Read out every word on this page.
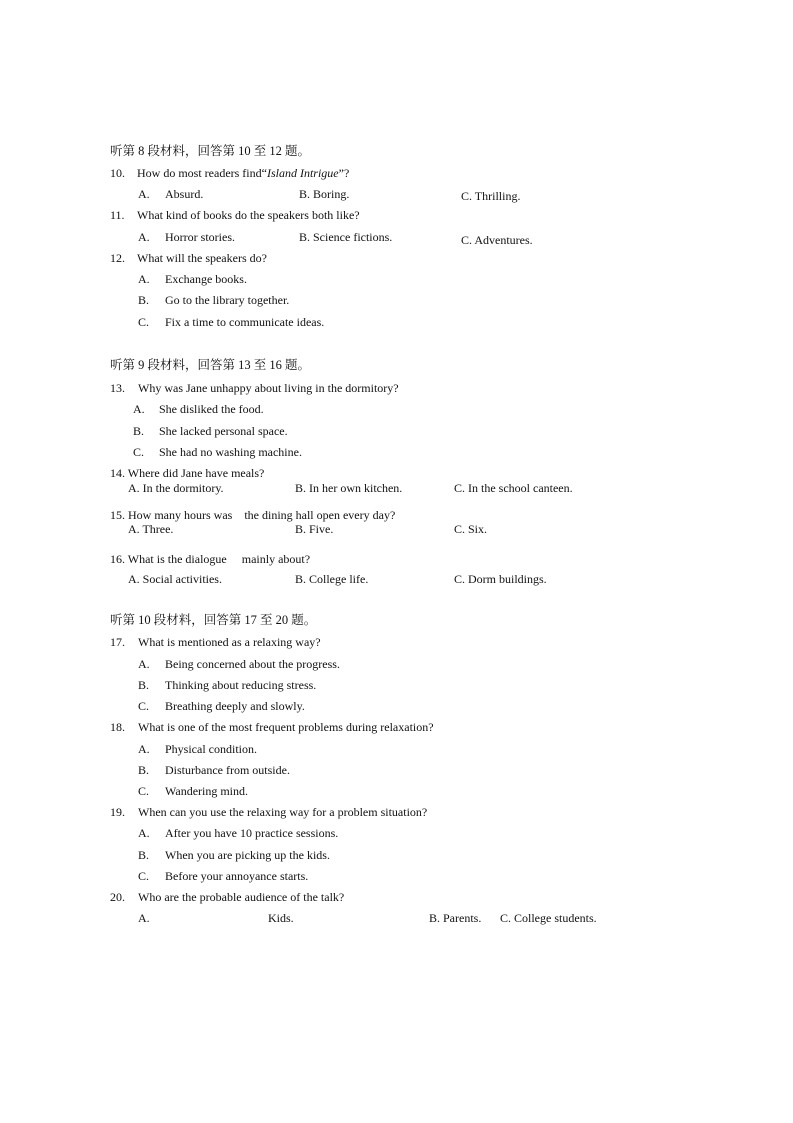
听第 8 段材料，回答第 10 至 12 题。
10. How do most readers find“Island Intrigue”?
A. Absurd.	B. Boring.	C. Thrilling.
11. What kind of books do the speakers both like?
A. Horror stories.	B. Science fictions.	C. Adventures.
12. What will the speakers do?
A. Exchange books.
B. Go to the library together.
C. Fix a time to communicate ideas.
听第 9 段材料，回答第 13 至 16 题。
13. Why was Jane unhappy about living in the dormitory?
A. She disliked the food.
B. She lacked personal space.
C. She had no washing machine.
14. Where did Jane have meals?
A. In the dormitory.	B. In her own kitchen.	C. In the school canteen.
15. How many hours was    the dining hall open every day?
A. Three.	B. Five.	C. Six.
16. What is the dialogue     mainly about?
A. Social activities.	B. College life.	C. Dorm buildings.
听第 10 段材料，回答第 17 至 20 题。
17. What is mentioned as a relaxing way?
A. Being concerned about the progress.
B. Thinking about reducing stress.
C. Breathing deeply and slowly.
18. What is one of the most frequent problems during relaxation?
A. Physical condition.
B. Disturbance from outside.
C. Wandering mind.
19. When can you use the relaxing way for a problem situation?
A. After you have 10 practice sessions.
B. When you are picking up the kids.
C. Before your annoyance starts.
20. Who are the probable audience of the talk?
A.	Kids.	B. Parents. C. College students.
